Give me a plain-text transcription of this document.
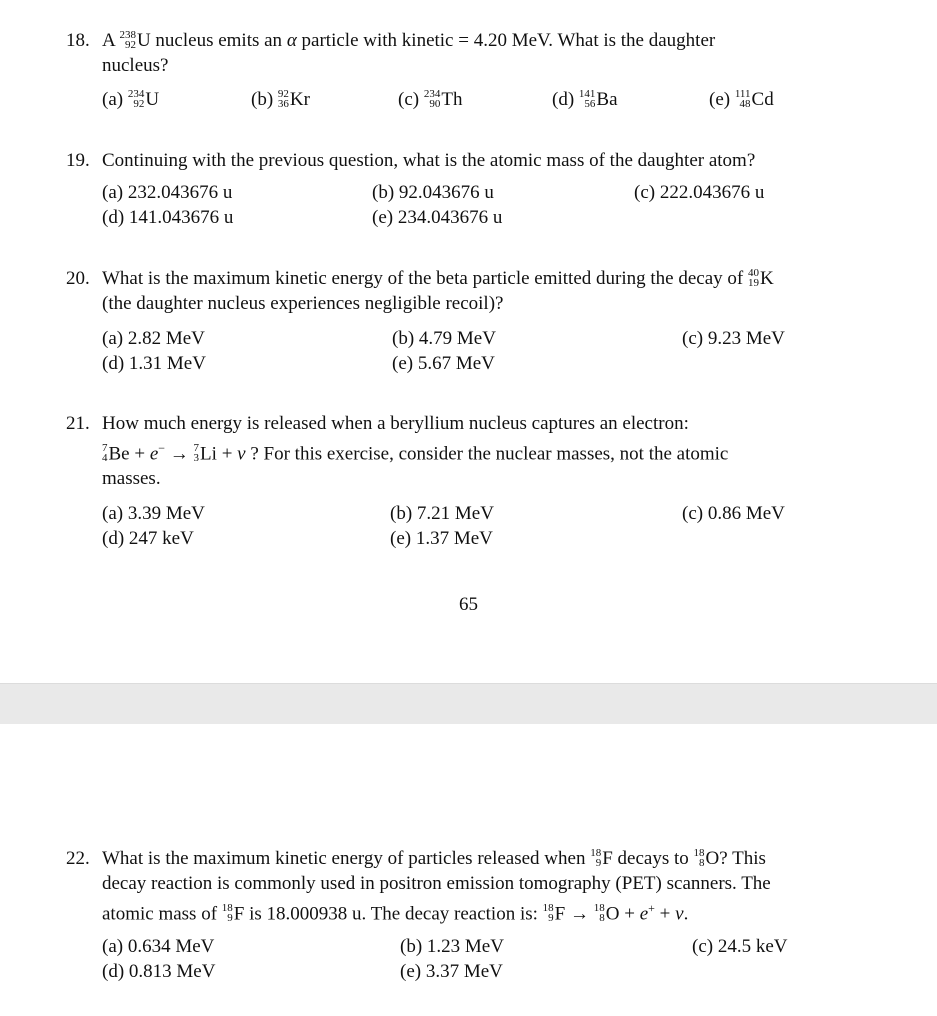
18. A 238
92 U nucleus emits an α particle with kinetic = 4.20 MeV. What is the daughter
nucleus?
(a) 234
92 U	(b) 92
36 Kr	(c) 234
90 Th	(d) 141
56 Ba	(e) 111
48 Cd
19. Continuing with the previous question, what is the atomic mass of the daughter atom?
(a) 232.043676 u	(b) 92.043676 u	(c) 222.043676 u
(d) 141.043676 u	(e) 234.043676 u
20. What is the maximum kinetic energy of the beta particle emitted during the decay of 40
19 K
(the daughter nucleus experiences negligible recoil)?
(a) 2.82 MeV	(b) 4.79 MeV	(c) 9.23 MeV
(d) 1.31 MeV	(e) 5.67 MeV
21. How much energy is released when a beryllium nucleus captures an electron:

7
4 Be + e− → 7
3 Li + ν ? For this exercise, consider the nuclear masses, not the atomic
masses.
(a) 3.39 MeV	(b) 7.21 MeV	(c) 0.86 MeV
(d) 247 keV	(e) 1.37 MeV
65
22. What is the maximum kinetic energy of particles released when 18
9 F decays to 18
8 O? This
decay reaction is commonly used in positron emission tomography (PET) scanners. The
atomic mass of 18
9 F is 18.000938 u. The decay reaction is: 18
9 F → 18
8 O + e+ + ν.
(a) 0.634 MeV	(b) 1.23 MeV	(c) 24.5 keV
(d) 0.813 MeV	(e) 3.37 MeV
